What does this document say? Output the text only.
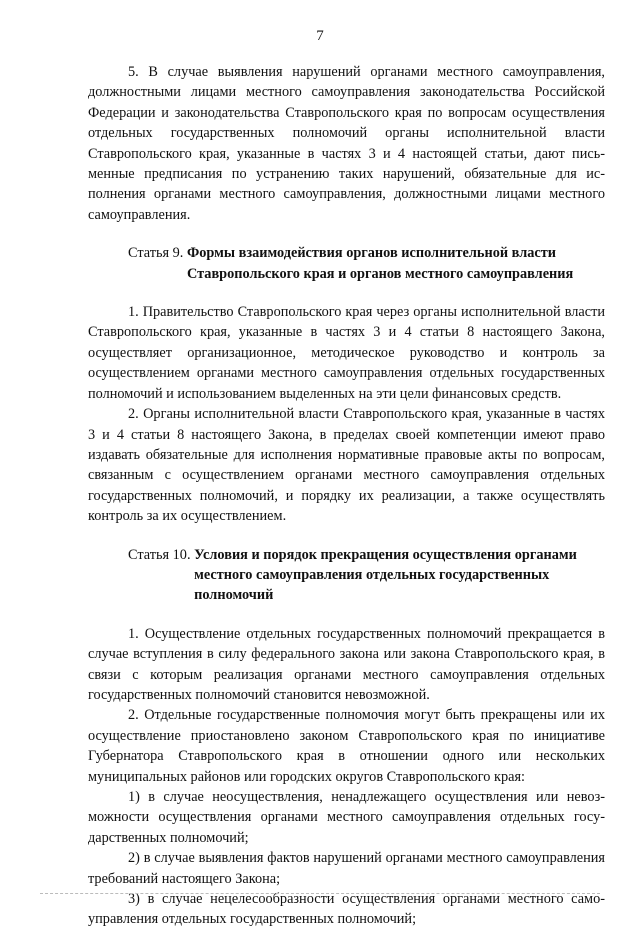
7

5. В случае выявления нарушений органами местного самоуправления, должностными лицами местного самоуправления законодательства Российской Федерации и законодательства Ставропольского края по вопросам осуществления отдельных государственных полномочий органы исполнительной власти Ставропольского края, указанные в частях 3 и 4 настоящей статьи, дают письменные предписания по устранению таких нарушений, обязательные для исполнения органами местного самоуправления, должностными лицами местного самоуправления.

Статья 9. Формы взаимодействия органов исполнительной власти Ставропольского края и органов местного самоуправления

1. Правительство Ставропольского края через органы исполнительной власти Ставропольского края, указанные в частях 3 и 4 статьи 8 настоящего Закона, осуществляет организационное, методическое руководство и контроль за осуществлением органами местного самоуправления отдельных государственных полномочий и использованием выделенных на эти цели финансовых средств.

2. Органы исполнительной власти Ставропольского края, указанные в частях 3 и 4 статьи 8 настоящего Закона, в пределах своей компетенции имеют право издавать обязательные для исполнения нормативные правовые акты по вопросам, связанным с осуществлением органами местного самоуправления отдельных государственных полномочий, и порядку их реализации, а также осуществлять контроль за их осуществлением.

Статья 10. Условия и порядок прекращения осуществления органами местного самоуправления отдельных государственных полномочий

1. Осуществление отдельных государственных полномочий прекращается в случае вступления в силу федерального закона или закона Ставропольского края, в связи с которым реализация органами местного самоуправления отдельных государственных полномочий становится невозможной.

2. Отдельные государственные полномочия могут быть прекращены или их осуществление приостановлено законом Ставропольского края по инициативе Губернатора Ставропольского края в отношении одного или нескольких муниципальных районов или городских округов Ставропольского края:

1) в случае неосуществления, ненадлежащего осуществления или невозможности осуществления органами местного самоуправления отдельных государственных полномочий;

2) в случае выявления фактов нарушений органами местного самоуправления требований настоящего Закона;

3) в случае нецелесообразности осуществления органами местного самоуправления отдельных государственных полномочий;
